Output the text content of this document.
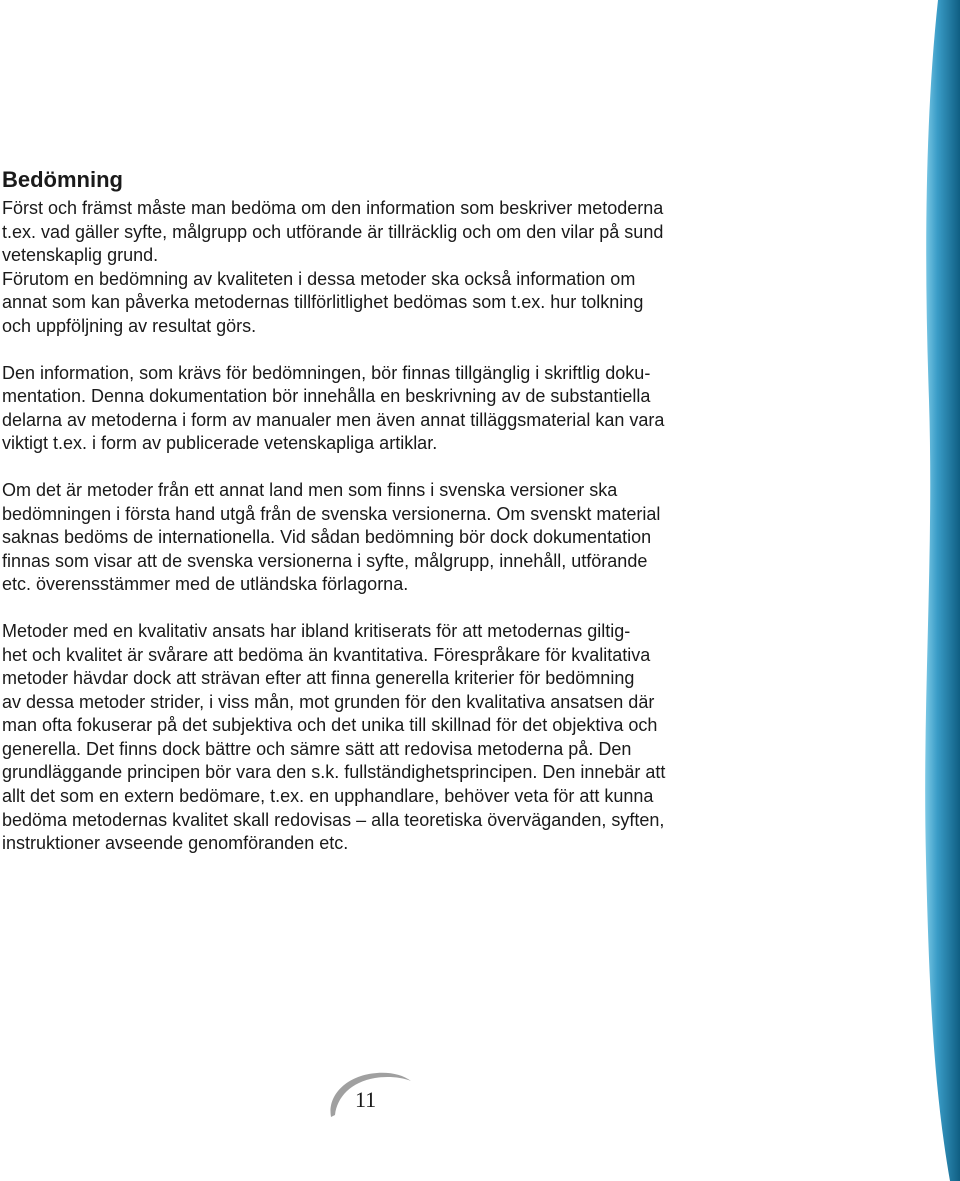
Bedömning

Först och främst måste man bedöma om den information som beskriver metoderna
t.ex. vad gäller syfte, målgrupp och utförande är tillräcklig och om den vilar på sund
vetenskaplig grund.
Förutom en bedömning av kvaliteten i dessa metoder ska också information om
annat som kan påverka metodernas tillförlitlighet bedömas som t.ex. hur tolkning
och uppföljning av resultat görs.

Den information, som krävs för bedömningen, bör finnas tillgänglig i skriftlig doku-
mentation. Denna dokumentation bör innehålla en beskrivning av de substantiella
delarna av metoderna i form av manualer men även annat tilläggsmaterial kan vara
viktigt t.ex. i form av publicerade vetenskapliga artiklar.

Om det är metoder från ett annat land men som finns i svenska versioner ska
bedömningen i första hand utgå från de svenska versionerna. Om svenskt material
saknas bedöms de internationella. Vid sådan bedömning bör dock dokumentation
finnas som visar att de svenska versionerna i syfte, målgrupp, innehåll, utförande
etc. överensstämmer med de utländska förlagorna.

Metoder med en kvalitativ ansats har ibland kritiserats för att metodernas giltig-
het och kvalitet är svårare att bedöma än kvantitativa. Förespråkare för kvalitativa
metoder hävdar dock att strävan efter att finna generella kriterier för bedömning
av dessa metoder strider, i viss mån, mot grunden för den kvalitativa ansatsen där
man ofta fokuserar på det subjektiva och det unika till skillnad för det objektiva och
generella. Det finns dock bättre och sämre sätt att redovisa metoderna på. Den
grundläggande principen bör vara den s.k. fullständighetsprincipen. Den innebär att
allt det som en extern bedömare, t.ex. en upphandlare, behöver veta för att kunna
bedöma metodernas kvalitet skall redovisas – alla teoretiska överväganden, syften,
instruktioner avseende genomföranden etc.

11
